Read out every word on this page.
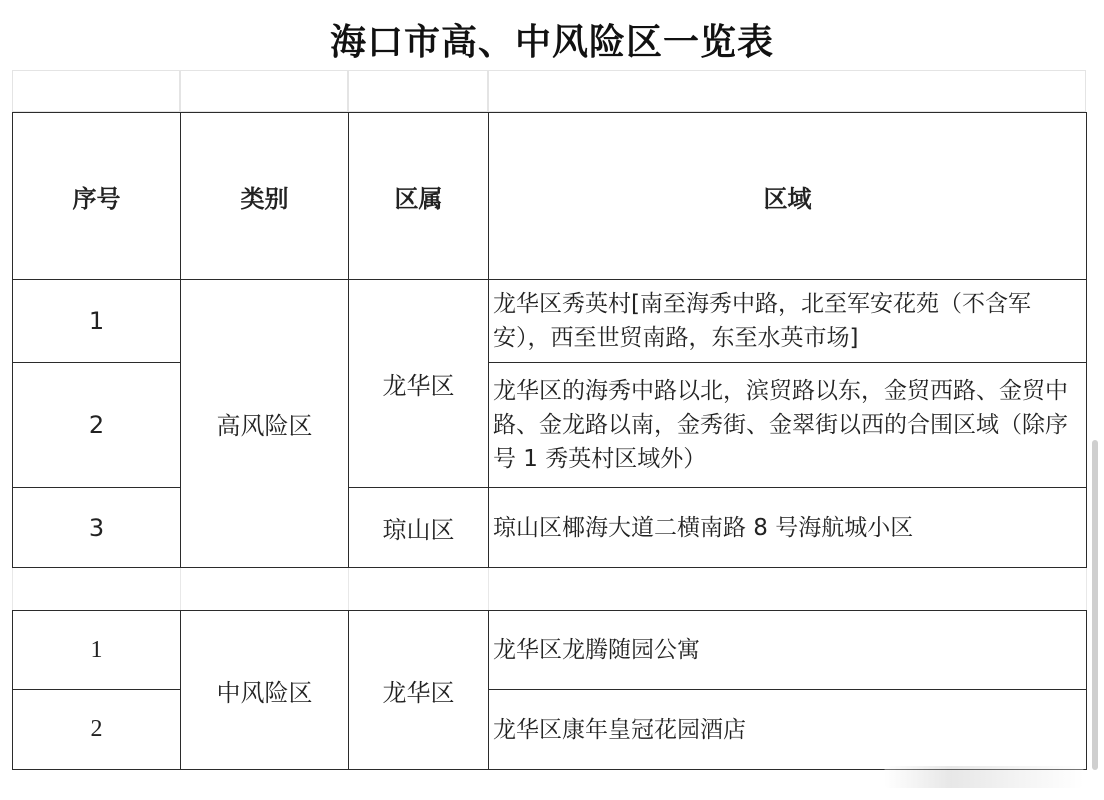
海口市高、中风险区一览表
序号	类别	区属	区域
1	高风险区	龙华区	龙华区秀英村[南至海秀中路，北至军安花苑（不含军安），西至世贸南路，东至水英市场]
2			龙华区的海秀中路以北，滨贸路以东，金贸西路、金贸中路、金龙路以南，金秀街、金翠街以西的合围区域（除序号 1 秀英村区域外）
3		琼山区	琼山区椰海大道二横南路 8 号海航城小区

1	中风险区	龙华区	龙华区龙腾随园公寓
2			龙华区康年皇冠花园酒店
